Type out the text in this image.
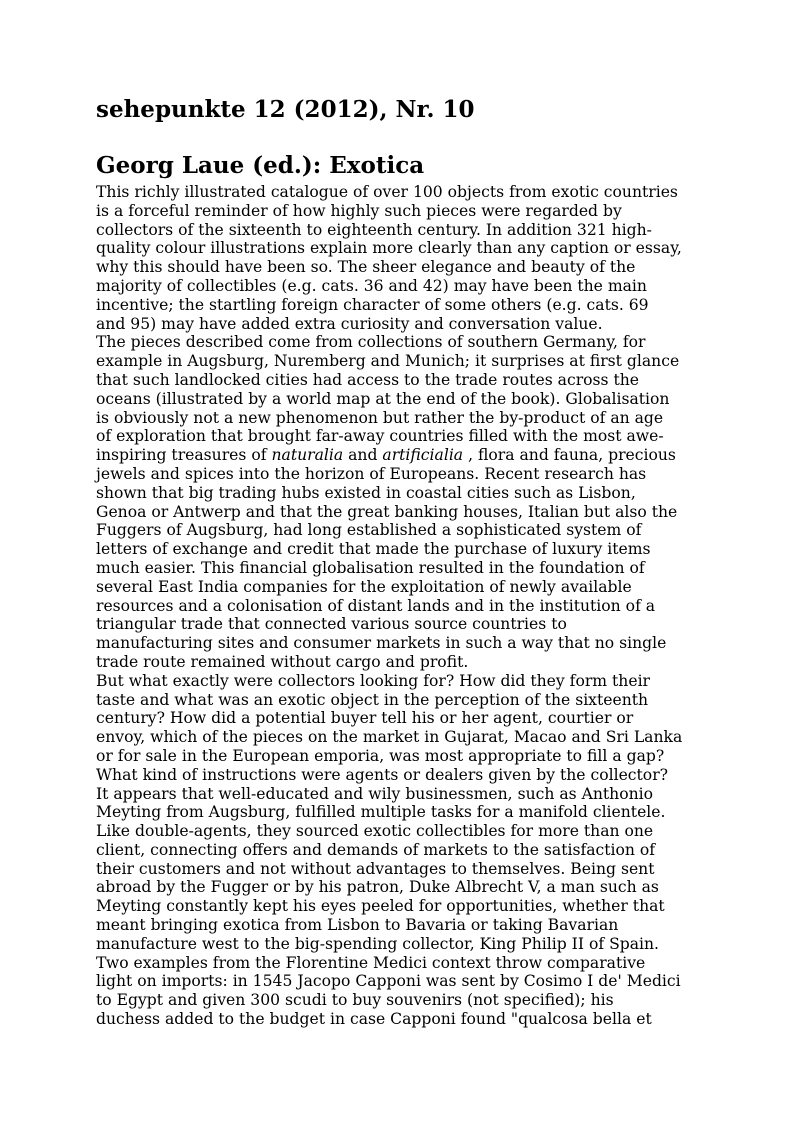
sehepunkte 12 (2012), Nr. 10
Georg Laue (ed.): Exotica

This richly illustrated catalogue of over 100 objects from exotic countries
is a forceful reminder of how highly such pieces were regarded by
collectors of the sixteenth to eighteenth century. In addition 321 high-
quality colour illustrations explain more clearly than any caption or essay,
why this should have been so. The sheer elegance and beauty of the
majority of collectibles (e.g. cats. 36 and 42) may have been the main
incentive; the startling foreign character of some others (e.g. cats. 69
and 95) may have added extra curiosity and conversation value.

The pieces described come from collections of southern Germany, for
example in Augsburg, Nuremberg and Munich; it surprises at first glance
that such landlocked cities had access to the trade routes across the
oceans (illustrated by a world map at the end of the book). Globalisation
is obviously not a new phenomenon but rather the by-product of an age
of exploration that brought far-away countries filled with the most awe-
inspiring treasures of naturalia and artificialia , flora and fauna, precious
jewels and spices into the horizon of Europeans. Recent research has
shown that big trading hubs existed in coastal cities such as Lisbon,
Genoa or Antwerp and that the great banking houses, Italian but also the
Fuggers of Augsburg, had long established a sophisticated system of
letters of exchange and credit that made the purchase of luxury items
much easier. This financial globalisation resulted in the foundation of
several East India companies for the exploitation of newly available
resources and a colonisation of distant lands and in the institution of a
triangular trade that connected various source countries to
manufacturing sites and consumer markets in such a way that no single
trade route remained without cargo and profit.

But what exactly were collectors looking for? How did they form their
taste and what was an exotic object in the perception of the sixteenth
century? How did a potential buyer tell his or her agent, courtier or
envoy, which of the pieces on the market in Gujarat, Macao and Sri Lanka
or for sale in the European emporia, was most appropriate to fill a gap?
What kind of instructions were agents or dealers given by the collector?
It appears that well-educated and wily businessmen, such as Anthonio
Meyting from Augsburg, fulfilled multiple tasks for a manifold clientele.
Like double-agents, they sourced exotic collectibles for more than one
client, connecting offers and demands of markets to the satisfaction of
their customers and not without advantages to themselves. Being sent
abroad by the Fugger or by his patron, Duke Albrecht V, a man such as
Meyting constantly kept his eyes peeled for opportunities, whether that
meant bringing exotica from Lisbon to Bavaria or taking Bavarian
manufacture west to the big-spending collector, King Philip II of Spain.
Two examples from the Florentine Medici context throw comparative
light on imports: in 1545 Jacopo Capponi was sent by Cosimo I de' Medici
to Egypt and given 300 scudi to buy souvenirs (not specified); his
duchess added to the budget in case Capponi found "qualcosa bella et
